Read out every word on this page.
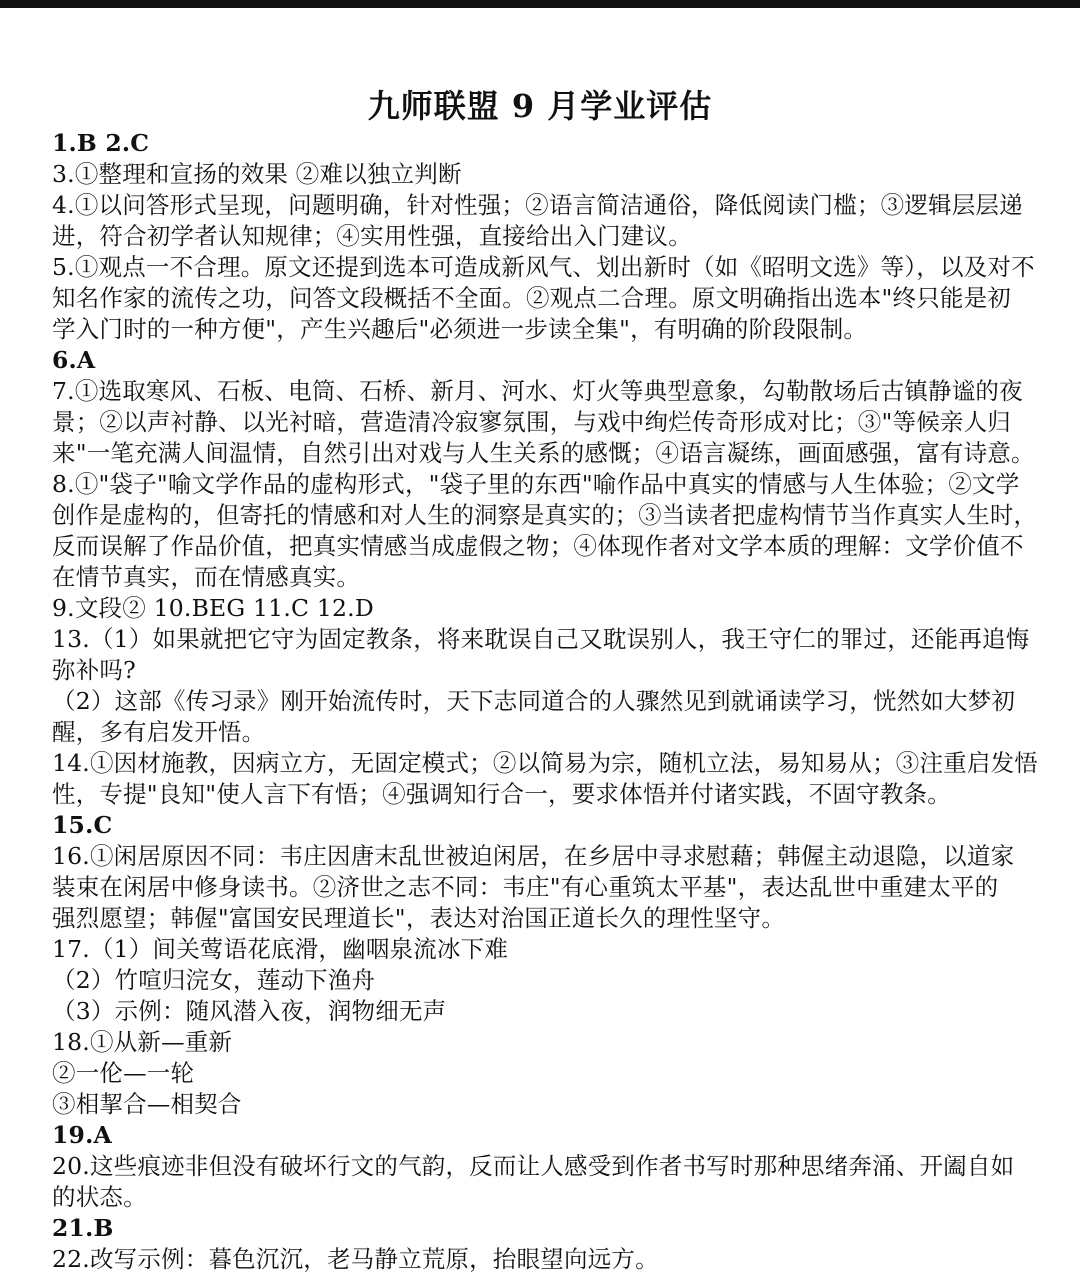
九师联盟 9 月学业评估
1.B 2.C
3.①整理和宣扬的效果 ②难以独立判断
4.①以问答形式呈现，问题明确，针对性强；②语言简洁通俗，降低阅读门槛；③逻辑层层递
进，符合初学者认知规律；④实用性强，直接给出入门建议。
5.①观点一不合理。原文还提到选本可造成新风气、划出新时（如《昭明文选》等），以及对不
知名作家的流传之功，问答文段概括不全面。②观点二合理。原文明确指出选本"终只能是初
学入门时的一种方便"，产生兴趣后"必须进一步读全集"，有明确的阶段限制。
6.A
7.①选取寒风、石板、电筒、石桥、新月、河水、灯火等典型意象，勾勒散场后古镇静谧的夜
景；②以声衬静、以光衬暗，营造清冷寂寥氛围，与戏中绚烂传奇形成对比；③"等候亲人归
来"一笔充满人间温情，自然引出对戏与人生关系的感慨；④语言凝练，画面感强，富有诗意。
8.①"袋子"喻文学作品的虚构形式，"袋子里的东西"喻作品中真实的情感与人生体验；②文学
创作是虚构的，但寄托的情感和对人生的洞察是真实的；③当读者把虚构情节当作真实人生时，
反而误解了作品价值，把真实情感当成虚假之物；④体现作者对文学本质的理解：文学价值不
在情节真实，而在情感真实。
9.文段② 10.BEG 11.C 12.D
13.（1）如果就把它守为固定教条，将来耽误自己又耽误别人，我王守仁的罪过，还能再追悔
弥补吗?
（2）这部《传习录》刚开始流传时，天下志同道合的人骤然见到就诵读学习，恍然如大梦初
醒，多有启发开悟。
14.①因材施教，因病立方，无固定模式；②以简易为宗，随机立法，易知易从；③注重启发悟
性，专提"良知"使人言下有悟；④强调知行合一，要求体悟并付诸实践，不固守教条。
15.C
16.①闲居原因不同：韦庄因唐末乱世被迫闲居，在乡居中寻求慰藉；韩偓主动退隐，以道家
装束在闲居中修身读书。②济世之志不同：韦庄"有心重筑太平基"，表达乱世中重建太平的
强烈愿望；韩偓"富国安民理道长"，表达对治国正道长久的理性坚守。
17.（1）间关莺语花底滑，幽咽泉流冰下难
（2）竹喧归浣女，莲动下渔舟
（3）示例：随风潜入夜，润物细无声
18.①从新—重新
②一伦—一轮
③相挈合—相契合
19.A
20.这些痕迹非但没有破坏行文的气韵，反而让人感受到作者书写时那种思绪奔涌、开阖自如
的状态。
21.B
22.改写示例：暮色沉沉，老马静立荒原，抬眼望向远方。
